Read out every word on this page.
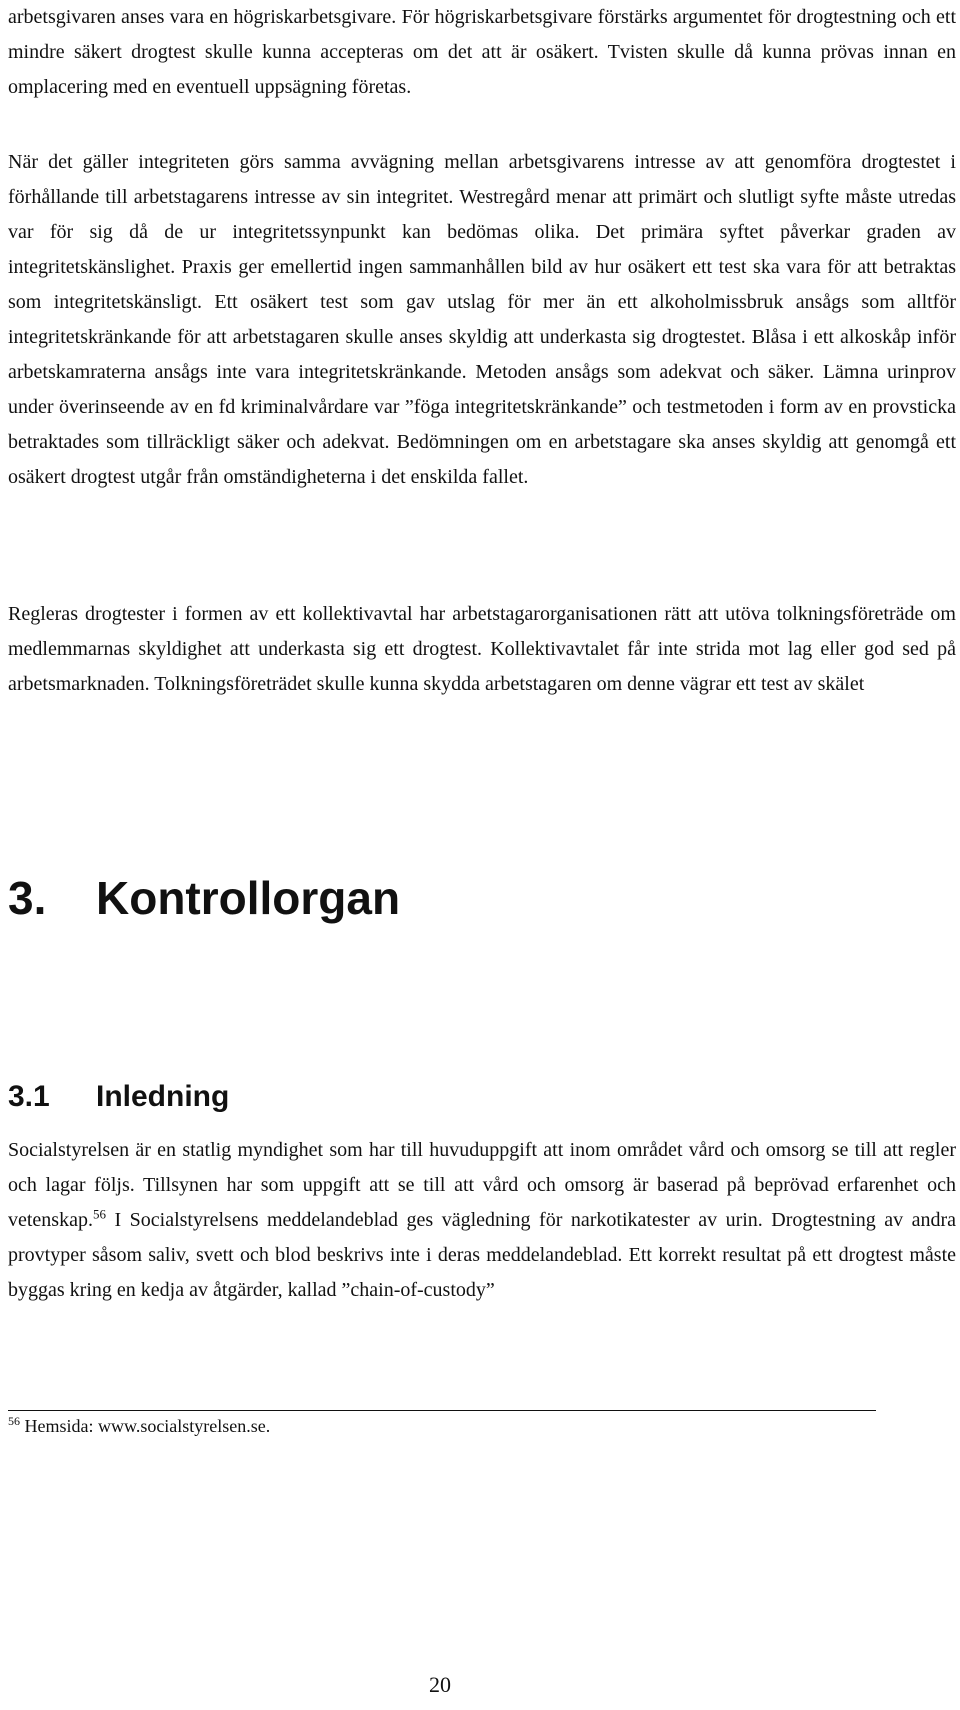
arbetsgivaren anses vara en högriskarbetsgivare. För högriskarbetsgivare förstärks argumentet för drogtestning och ett mindre säkert drogtest skulle kunna accepteras om det att är osäkert. Tvisten skulle då kunna prövas innan en omplacering med en eventuell uppsägning företas.

När det gäller integriteten görs samma avvägning mellan arbetsgivarens intresse av att genomföra drogtestet i förhållande till arbetstagarens intresse av sin integritet. Westregård menar att primärt och slutligt syfte måste utredas var för sig då de ur integritetssynpunkt kan bedömas olika. Det primära syftet påverkar graden av integritetskänslighet. Praxis ger emellertid ingen sammanhållen bild av hur osäkert ett test ska vara för att betraktas som integritetskänsligt. Ett osäkert test som gav utslag för mer än ett alkoholmissbruk ansågs som alltför integritetskränkande för att arbetstagaren skulle anses skyldig att underkasta sig drogtestet. Blåsa i ett alkoskåp inför arbetskamraterna ansågs inte vara integritetskränkande. Metoden ansågs som adekvat och säker. Lämna urinprov under överinseende av en fd kriminalvårdare var ”föga integritetskränkande” och testmetoden i form av en provsticka betraktades som tillräckligt säker och adekvat. Bedömningen om en arbetstagare ska anses skyldig att genomgå ett osäkert drogtest utgår från omständigheterna i det enskilda fallet.

Regleras drogtester i formen av ett kollektivavtal har arbetstagarorganisationen rätt att utöva tolkningsföreträde om medlemmarnas skyldighet att underkasta sig ett drogtest. Kollektivavtalet får inte strida mot lag eller god sed på arbetsmarknaden. Tolkningsföreträdet skulle kunna skydda arbetstagaren om denne vägrar ett test av skälet

3. Kontrollorgan
3.1 Inledning

Socialstyrelsen är en statlig myndighet som har till huvuduppgift att inom området vård och omsorg se till att regler och lagar följs. Tillsynen har som uppgift att se till att vård och omsorg är baserad på beprövad erfarenhet och vetenskap.$^{56}$ I Socialstyrelsens meddelandeblad ges vägledning för narkotikatester av urin. Drogtestning av andra provtyper såsom saliv, svett och blod beskrivs inte i deras meddelandeblad. Ett korrekt resultat på ett drogtest måste byggas kring en kedja av åtgärder, kallad ”chain-of-custody”

$^{56}$ Hemsida: www.socialstyrelsen.se.

20
